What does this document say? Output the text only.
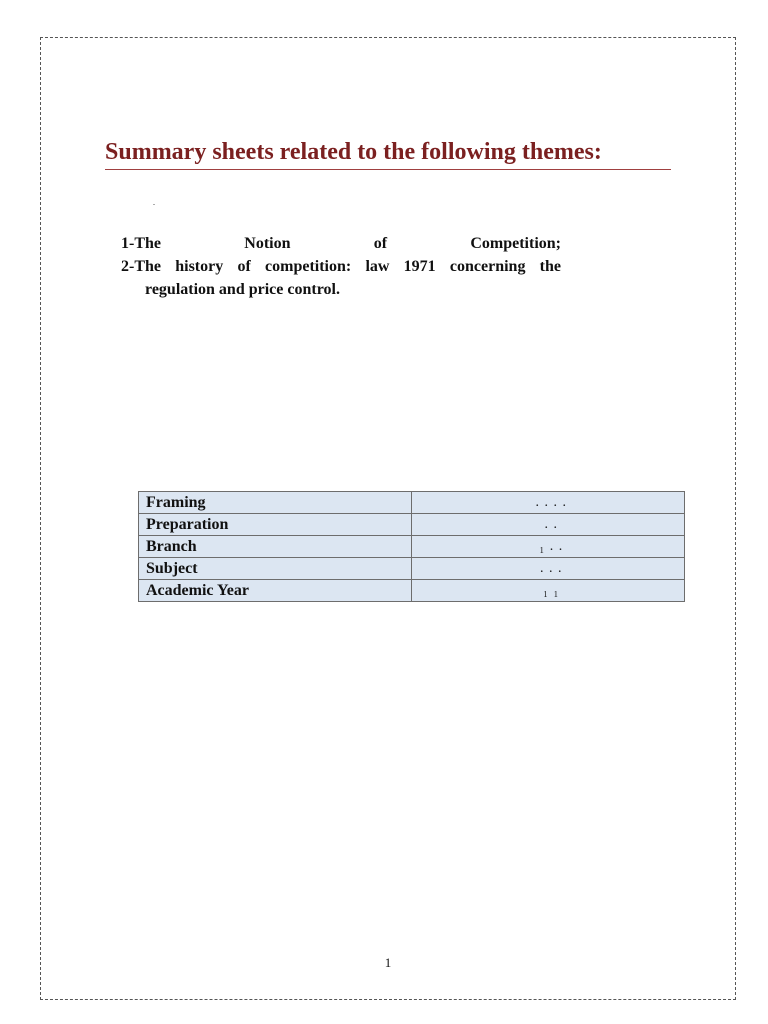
Summary sheets related to the following themes:
.
1-The Notion of Competition;
2-The history of competition: law 1971 concerning the
regulation and price control.
Framing	. . . .
Preparation	. .
Branch	₁ . .
Subject	. . .
Academic Year	₁ ₁
1
